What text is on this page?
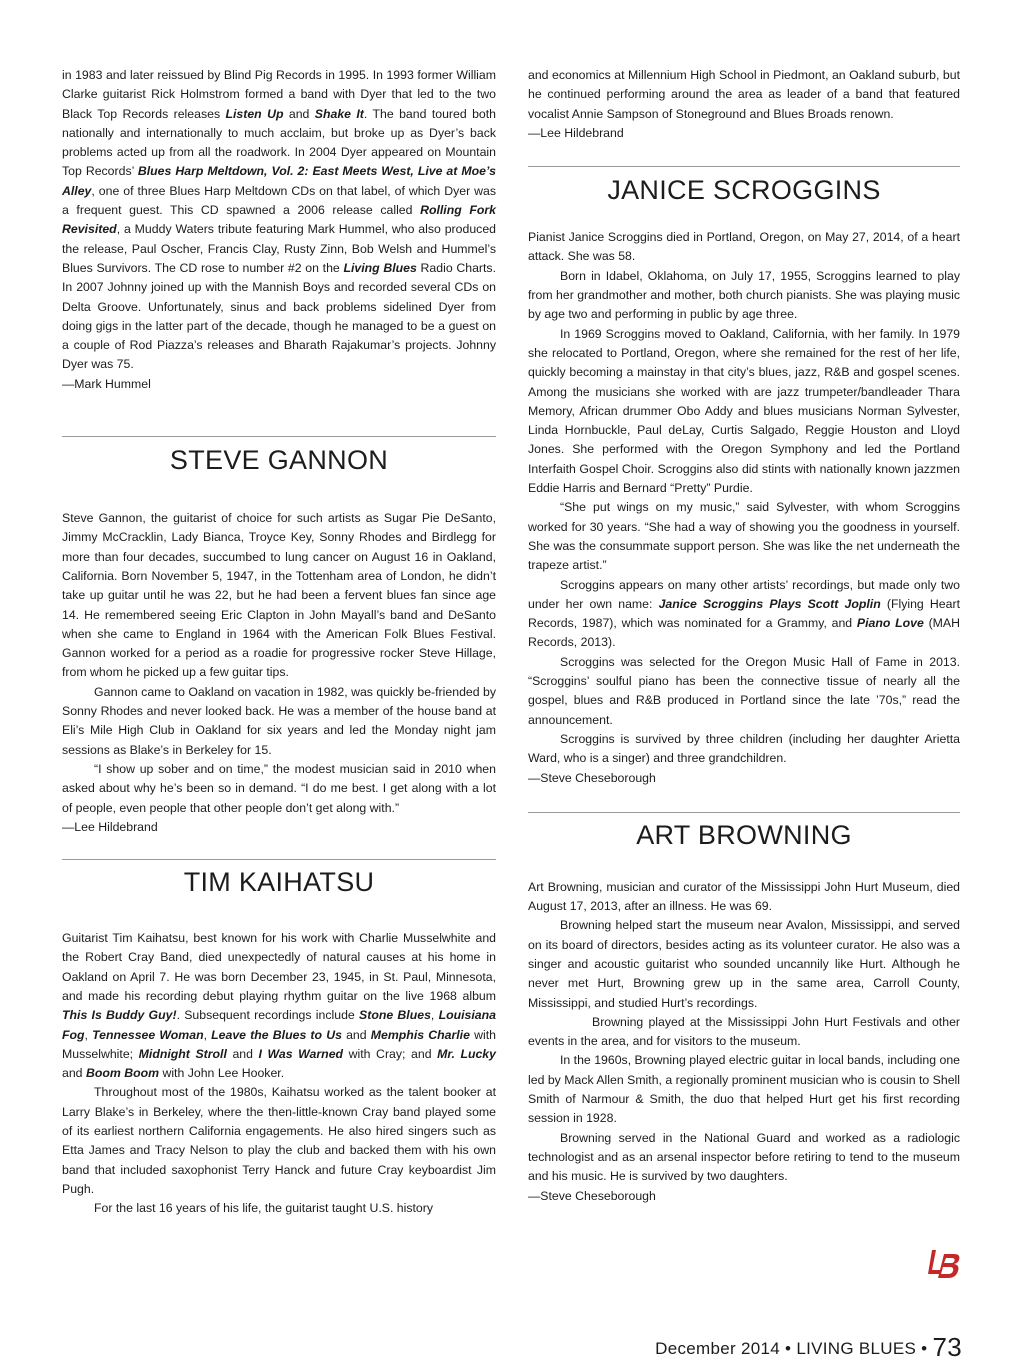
in 1983 and later reissued by Blind Pig Records in 1995. In 1993 former William Clarke guitarist Rick Holmstrom formed a band with Dyer that led to the two Black Top Records releases Listen Up and Shake It. The band toured both nationally and internationally to much acclaim, but broke up as Dyer’s back problems acted up from all the roadwork. In 2004 Dyer appeared on Mountain Top Records’ Blues Harp Meltdown, Vol. 2: East Meets West, Live at Moe’s Alley, one of three Blues Harp Meltdown CDs on that label, of which Dyer was a frequent guest. This CD spawned a 2006 release called Rolling Fork Revisited, a Muddy Waters tribute featuring Mark Hummel, who also produced the release, Paul Oscher, Francis Clay, Rusty Zinn, Bob Welsh and Hummel’s Blues Survivors. The CD rose to number #2 on the Living Blues Radio Charts. In 2007 Johnny joined up with the Mannish Boys and recorded several CDs on Delta Groove. Unfortunately, sinus and back problems sidelined Dyer from doing gigs in the latter part of the decade, though he managed to be a guest on a couple of Rod Piazza’s releases and Bharath Rajakumar’s projects. Johnny Dyer was 75.

—Mark Hummel

STEVE GANNON

Steve Gannon, the guitarist of choice for such artists as Sugar Pie DeSanto, Jimmy McCracklin, Lady Bianca, Troyce Key, Sonny Rhodes and Birdlegg for more than four decades, succumbed to lung cancer on August 16 in Oakland, California. Born November 5, 1947, in the Tottenham area of London, he didn’t take up guitar until he was 22, but he had been a fervent blues fan since age 14. He remembered seeing Eric Clapton in John Mayall’s band and DeSanto when she came to England in 1964 with the American Folk Blues Festival. Gannon worked for a period as a roadie for progressive rocker Steve Hillage, from whom he picked up a few guitar tips.

Gannon came to Oakland on vacation in 1982, was quickly be-friended by Sonny Rhodes and never looked back. He was a member of the house band at Eli’s Mile High Club in Oakland for six years and led the Monday night jam sessions as Blake’s in Berkeley for 15.

“I show up sober and on time,” the modest musician said in 2010 when asked about why he’s been so in demand. “I do me best. I get along with a lot of people, even people that other people don’t get along with.”

—Lee Hildebrand

TIM KAIHATSU

Guitarist Tim Kaihatsu, best known for his work with Charlie Musselwhite and the Robert Cray Band, died unexpectedly of natural causes at his home in Oakland on April 7. He was born December 23, 1945, in St. Paul, Minnesota, and made his recording debut playing rhythm guitar on the live 1968 album This Is Buddy Guy!. Subsequent recordings include Stone Blues, Louisiana Fog, Tennessee Woman, Leave the Blues to Us and Memphis Charlie with Musselwhite; Midnight Stroll and I Was Warned with Cray; and Mr. Lucky and Boom Boom with John Lee Hooker.

Throughout most of the 1980s, Kaihatsu worked as the talent booker at Larry Blake’s in Berkeley, where the then-little-known Cray band played some of its earliest northern California engagements. He also hired singers such as Etta James and Tracy Nelson to play the club and backed them with his own band that included saxophonist Terry Hanck and future Cray keyboardist Jim Pugh.

For the last 16 years of his life, the guitarist taught U.S. history

and economics at Millennium High School in Piedmont, an Oakland suburb, but he continued performing around the area as leader of a band that featured vocalist Annie Sampson of Stoneground and Blues Broads renown.

—Lee Hildebrand

JANICE SCROGGINS

Pianist Janice Scroggins died in Portland, Oregon, on May 27, 2014, of a heart attack. She was 58.

Born in Idabel, Oklahoma, on July 17, 1955, Scroggins learned to play from her grandmother and mother, both church pianists. She was playing music by age two and performing in public by age three.

In 1969 Scroggins moved to Oakland, California, with her family. In 1979 she relocated to Portland, Oregon, where she remained for the rest of her life, quickly becoming a mainstay in that city’s blues, jazz, R&B and gospel scenes. Among the musicians she worked with are jazz trumpeter/bandleader Thara Memory, African drummer Obo Addy and blues musicians Norman Sylvester, Linda Hornbuckle, Paul deLay, Curtis Salgado, Reggie Houston and Lloyd Jones. She performed with the Oregon Symphony and led the Portland Interfaith Gospel Choir. Scroggins also did stints with nationally known jazzmen Eddie Harris and Bernard “Pretty” Purdie.

“She put wings on my music,” said Sylvester, with whom Scroggins worked for 30 years. “She had a way of showing you the goodness in yourself. She was the consummate support person. She was like the net underneath the trapeze artist.”

Scroggins appears on many other artists’ recordings, but made only two under her own name: Janice Scroggins Plays Scott Joplin (Flying Heart Records, 1987), which was nominated for a Grammy, and Piano Love (MAH Records, 2013).

Scroggins was selected for the Oregon Music Hall of Fame in 2013. “Scroggins’ soulful piano has been the connective tissue of nearly all the gospel, blues and R&B produced in Portland since the late ’70s,” read the announcement.

Scroggins is survived by three children (including her daughter Arietta Ward, who is a singer) and three grandchildren.

—Steve Cheseborough

ART BROWNING

Art Browning, musician and curator of the Mississippi John Hurt Museum, died August 17, 2013, after an illness. He was 69.

Browning helped start the museum near Avalon, Mississippi, and served on its board of directors, besides acting as its volunteer curator. He also was a singer and acoustic guitarist who sounded uncannily like Hurt. Although he never met Hurt, Browning grew up in the same area, Carroll County, Mississippi, and studied Hurt’s recordings.

Browning played at the Mississippi John Hurt Festivals and other events in the area, and for visitors to the museum.

In the 1960s, Browning played electric guitar in local bands, including one led by Mack Allen Smith, a regionally prominent musician who is cousin to Shell Smith of Narmour & Smith, the duo that helped Hurt get his first recording session in 1928.

Browning served in the National Guard and worked as a radiologic technologist and as an arsenal inspector before retiring to tend to the museum and his music. He is survived by two daughters.

—Steve Cheseborough

December 2014 • LIVING BLUES • 73
